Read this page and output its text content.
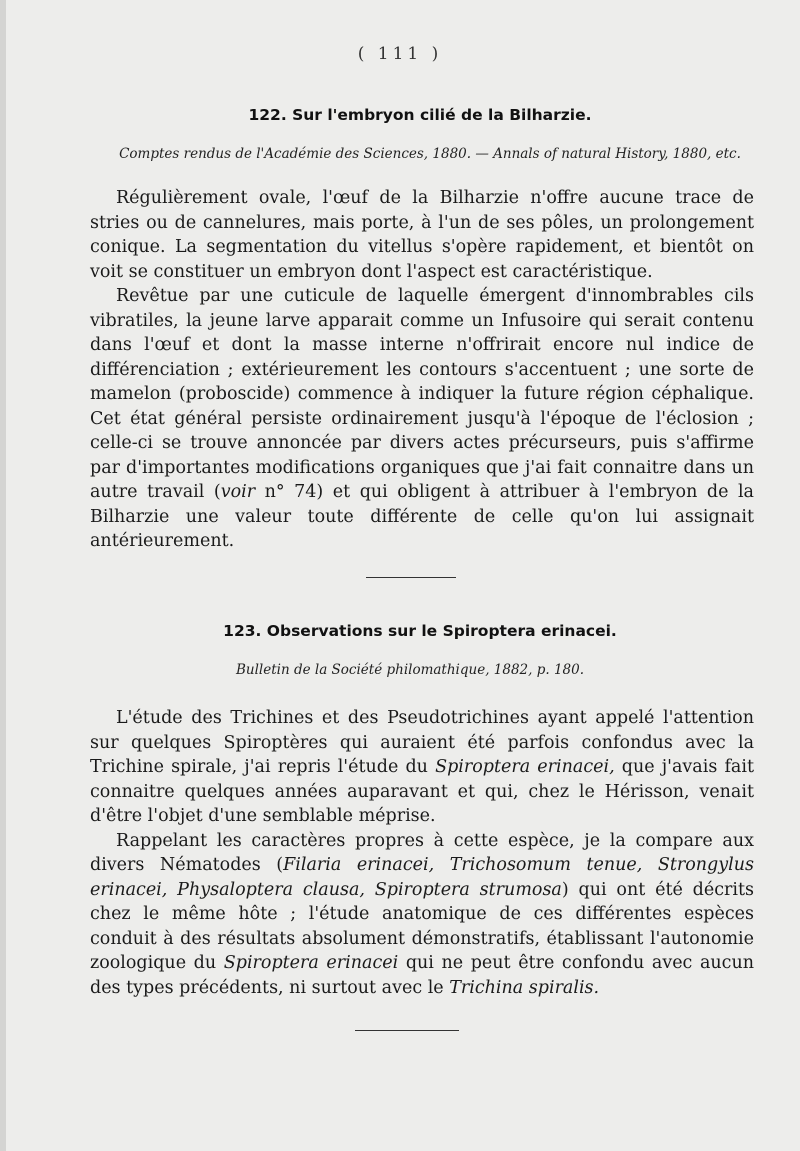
( 111 )
122. Sur l'embryon cilié de la Bilharzie.
Comptes rendus de l'Académie des Sciences, 1880. — Annals of natural History, 1880, etc.

Régulièrement ovale, l'œuf de la Bilharzie n'offre aucune trace de stries ou de cannelures, mais porte, à l'un de ses pôles, un prolongement conique. La segmentation du vitellus s'opère rapidement, et bientôt on voit se constituer un embryon dont l'aspect est caractéristique.

Revêtue par une cuticule de laquelle émergent d'innombrables cils vibratiles, la jeune larve apparait comme un Infusoire qui serait contenu dans l'œuf et dont la masse interne n'offrirait encore nul indice de différenciation ; extérieurement les contours s'accentuent ; une sorte de mamelon (proboscide) commence à indiquer la future région céphalique. Cet état général persiste ordinairement jusqu'à l'époque de l'éclosion ; celle-ci se trouve annoncée par divers actes précurseurs, puis s'affirme par d'importantes modifications organiques que j'ai fait connaitre dans un autre travail (voir n° 74) et qui obligent à attribuer à l'embryon de la Bilharzie une valeur toute différente de celle qu'on lui assignait antérieurement.

123. Observations sur le Spiroptera erinacei.
Bulletin de la Société philomathique, 1882, p. 180.

L'étude des Trichines et des Pseudotrichines ayant appelé l'attention sur quelques Spiroptères qui auraient été parfois confondus avec la Trichine spirale, j'ai repris l'étude du Spiroptera erinacei, que j'avais fait connaitre quelques années auparavant et qui, chez le Hérisson, venait d'être l'objet d'une semblable méprise.

Rappelant les caractères propres à cette espèce, je la compare aux divers Nématodes (Filaria erinacei, Trichosomum tenue, Strongylus erinacei, Physaloptera clausa, Spiroptera strumosa) qui ont été décrits chez le même hôte ; l'étude anatomique de ces différentes espèces conduit à des résultats absolument démonstratifs, établissant l'autonomie zoologique du Spiroptera erinacei qui ne peut être confondu avec aucun des types précédents, ni surtout avec le Trichina spiralis.
